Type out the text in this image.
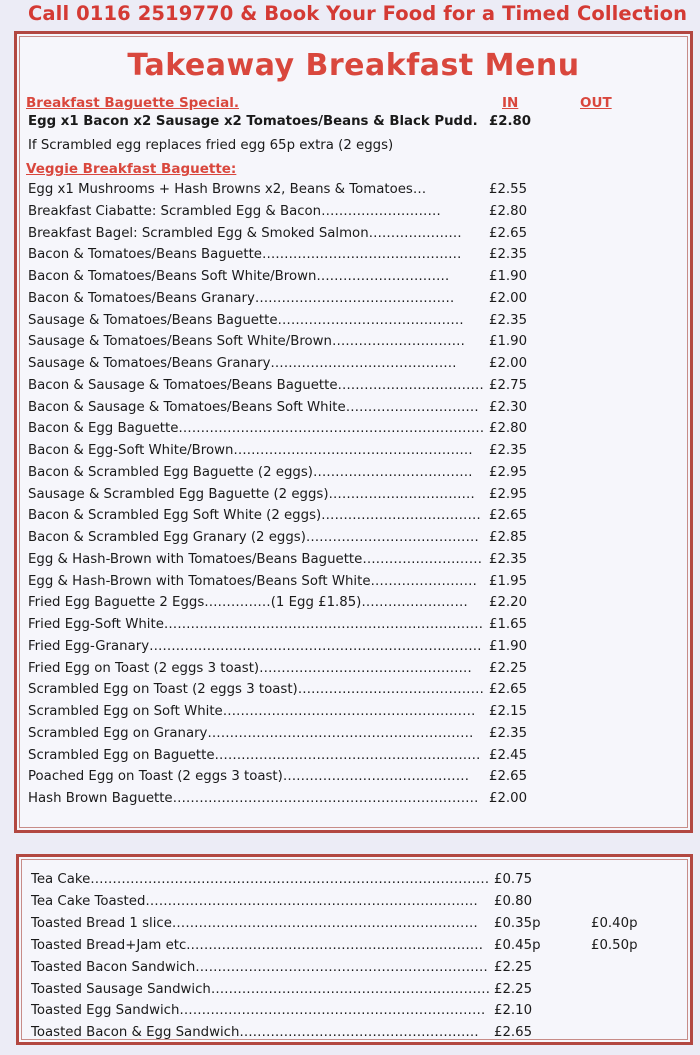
Call 0116 2519770 & Book Your Food for a Timed Collection
Takeaway Breakfast Menu
Breakfast Baguette Special.	IN	OUT
Egg x1 Bacon x2 Sausage x2 Tomatoes/Beans & Black Pudd. £2.80
If Scrambled egg replaces fried egg 65p extra (2 eggs)
Veggie Breakfast Baguette:
Egg x1 Mushrooms + Hash Browns x2, Beans & Tomatoes…	£2.55
Breakfast Ciabatte: Scrambled Egg & Bacon………………………	£2.80
Breakfast Bagel: Scrambled Egg & Smoked Salmon………………… £2.65
Bacon & Tomatoes/Beans Baguette……………………………………… £2.35
Bacon & Tomatoes/Beans Soft White/Brown…………………………	£1.90
Bacon & Tomatoes/Beans Granary………………………………………	£2.00
Sausage & Tomatoes/Beans Baguette…………………………………… £2.35
Sausage & Tomatoes/Beans Soft White/Brown………………………… £1.90
Sausage & Tomatoes/Beans Granary…………………………………… £2.00
Bacon & Sausage & Tomatoes/Beans Baguette…………………………… £2.75
Bacon & Sausage & Tomatoes/Beans Soft White………………………… £2.30
Bacon & Egg Baguette…………………………………………………………… £2.80
Bacon & Egg-Soft White/Brown……………………………………………… £2.35
Bacon & Scrambled Egg Baguette (2 eggs)……………………………… £2.95
Sausage & Scrambled Egg Baguette (2 eggs)…………………………… £2.95
Bacon & Scrambled Egg Soft White (2 eggs)……………………………… £2.65
Bacon & Scrambled Egg Granary (2 eggs)………………………………… £2.85
Egg & Hash-Brown with Tomatoes/Beans Baguette……………………… £2.35
Egg & Hash-Brown with Tomatoes/Beans Soft White…………………… £1.95
Fried Egg Baguette 2 Eggs……………(1 Egg £1.85)…………………… £2.20
Fried Egg-Soft White……………………………………………………………… £1.65
Fried Egg-Granary………………………………………………………………… £1.90
Fried Egg on Toast (2 eggs 3 toast)………………………………………… £2.25
Scrambled Egg on Toast (2 eggs 3 toast)…………………………………… £2.65
Scrambled Egg on Soft White………………………………………………… £2.15
Scrambled Egg on Granary…………………………………………………… £2.35
Scrambled Egg on Baguette…………………………………………………… £2.45
Poached Egg on Toast (2 eggs 3 toast)…………………………………… £2.65
Hash Brown Baguette…………………………………………………………… £2.00
Tea Cake……………………………………………………………………………… £0.75
Tea Cake Toasted………………………………………………………………… £0.80
Toasted Bread 1 slice…………………………………………………………… £0.35p	£0.40p
Toasted Bread+Jam etc.………………………………………………………… £0.45p	£0.50p
Toasted Bacon Sandwich………………………………………………………… £2.25
Toasted Sausage Sandwich……………………………………………………… £2.25
Toasted Egg Sandwich…………………………………………………………… £2.10
Toasted Bacon & Egg Sandwich……………………………………………… £2.65
